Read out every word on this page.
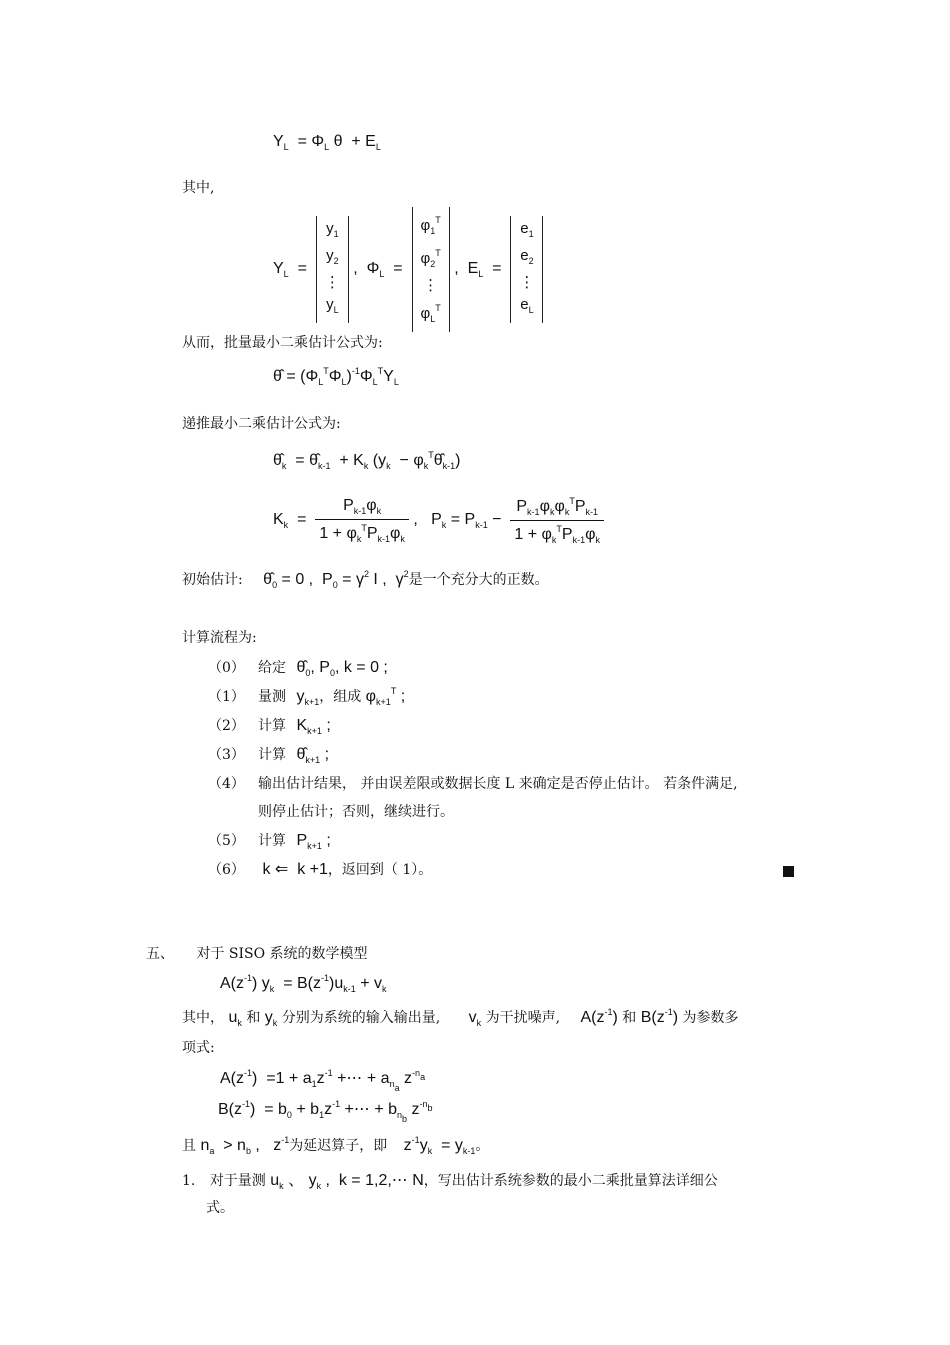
$Y_L = \Phi_L$ $\theta + E_L$
其中,
$Y_L = y_1$
$y_2$
⋮
$y_L$ ,  $\Phi_L = \varphi_1^T$
$\varphi_2^T$
⋮
$\varphi_L^T$ ,  $E_L = e_1$
$e_2$
⋮
$e_L$
从而，批量最小二乘估计公式为:
θ̂ = $(\Phi_L^T\Phi_L)^{-1}\Phi_L^TY_L$
递推最小二乘估计公式为:
$\thetâ_k$  = $\thetâ_{k-1} + K_k$ ($y_k$  − $\varphi_k^T\thetâ_{k-1}$)
$K_k = \frac{P_{k-1}\varphi_k}{1 + \varphi_k^TP_{k-1}\varphi_k}$ ,   $P_k = P_{k-1} - \frac{P_{k-1}\varphi_k\varphi_k^TP_{k-1}}{1 + \varphi_k^TP_{k-1}\varphi_k}$
初始估计: $\thetâ_0 = 0$ ,  $P_0 = \gamma^2$ I ,  $\gamma^2$是一个充分大的正数。
计算流程为:
（0） 给定 $\thetâ_0$, $P_0$, k = 0 ;
（1） 量测 $y_{k+1}$，组成 $\varphi_{k+1}^T$ ;
（2） 计算 $K_{k+1}$ ;
（3） 计算 $\thetâ_{k+1}$ ;
（4） 输出估计结果， 并由误差限或数据长度 L 来确定是否停止估计。 若条件满足,
则停止估计；否则，继续进行。
（5） 计算 $P_{k+1}$ ;
（6） k ⇐  k +1，返回到（ 1）。
五、 对于 SISO 系统的数学模型
$A(z^{-1}) y_k = B(z^{-1})u_{k-1} + v_k$
其中， $u_k$ 和 $y_k$ 分别为系统的输入输出量, $v_k$ 为干扰噪声, $A(z^{-1})$ 和 $B(z^{-1})$ 为参数多
项式:
$A(z^{-1}) =1 + a_1z^{-1}$ +⋯ + $a_{n_a}$ $z^{-n_a}$
$B(z^{-1}) = b_0 + b_1z^{-1}$ +⋯ + $b_{n_b}$ $z^{-n_b}$
且 $n_a > n_b$ ,   $z^{-1}$为延迟算子，即 $z^{-1}y_k = y_{k-1}$。
1. 对于量测 $u_k$ 、 $y_k$ ,  k = 1,2,⋯ N，写出估计系统参数的最小二乘批量算法详细公
式。
